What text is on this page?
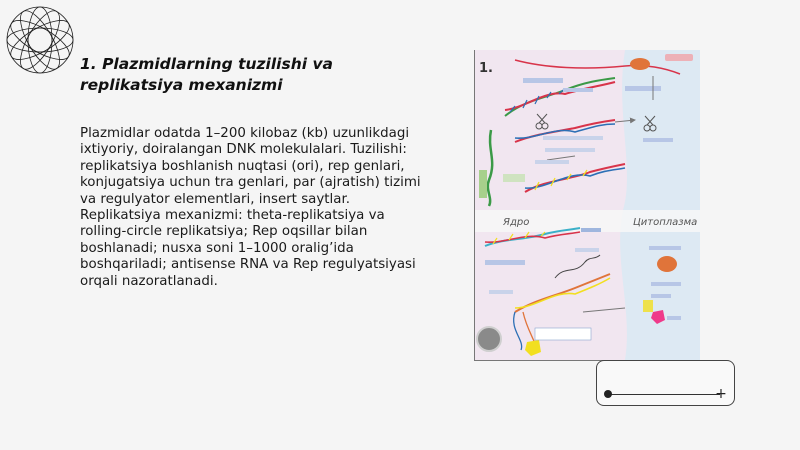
1. Plazmidlarning tuzilishi va replikatsiya mexanizmi
Plazmidlar odatda 1–200 kilobaz (kb) uzunlikdagi ixtiyoriy, doiralangan DNK molekulalari. Tuzilishi: replikatsiya boshlanish nuqtasi (ori), rep genlari, konjugatsiya uchun tra genlari, par (ajratish) tizimi va regulyator elementlari, insert saytlar. Replikatsiya mexanizmi: theta-replikatsiya va rolling-circle replikatsiya; Rep oqsillar bilan boshlanadi; nusxa soni 1–1000 oralig’ida boshqariladi; antisense RNA va Rep regulyatsiyasi orqali nazoratlanadi.
1.
Ядро	Цитоплазма
+
